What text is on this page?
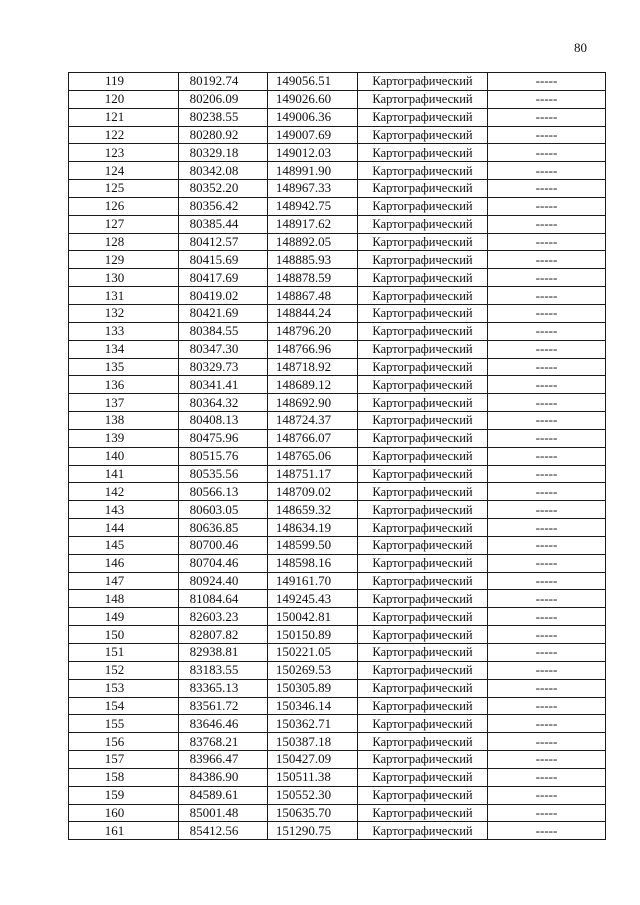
80
119	80192.74	149056.51	Картографический	-----
120	80206.09	149026.60	Картографический	-----
121	80238.55	149006.36	Картографический	-----
122	80280.92	149007.69	Картографический	-----
123	80329.18	149012.03	Картографический	-----
124	80342.08	148991.90	Картографический	-----
125	80352.20	148967.33	Картографический	-----
126	80356.42	148942.75	Картографический	-----
127	80385.44	148917.62	Картографический	-----
128	80412.57	148892.05	Картографический	-----
129	80415.69	148885.93	Картографический	-----
130	80417.69	148878.59	Картографический	-----
131	80419.02	148867.48	Картографический	-----
132	80421.69	148844.24	Картографический	-----
133	80384.55	148796.20	Картографический	-----
134	80347.30	148766.96	Картографический	-----
135	80329.73	148718.92	Картографический	-----
136	80341.41	148689.12	Картографический	-----
137	80364.32	148692.90	Картографический	-----
138	80408.13	148724.37	Картографический	-----
139	80475.96	148766.07	Картографический	-----
140	80515.76	148765.06	Картографический	-----
141	80535.56	148751.17	Картографический	-----
142	80566.13	148709.02	Картографический	-----
143	80603.05	148659.32	Картографический	-----
144	80636.85	148634.19	Картографический	-----
145	80700.46	148599.50	Картографический	-----
146	80704.46	148598.16	Картографический	-----
147	80924.40	149161.70	Картографический	-----
148	81084.64	149245.43	Картографический	-----
149	82603.23	150042.81	Картографический	-----
150	82807.82	150150.89	Картографический	-----
151	82938.81	150221.05	Картографический	-----
152	83183.55	150269.53	Картографический	-----
153	83365.13	150305.89	Картографический	-----
154	83561.72	150346.14	Картографический	-----
155	83646.46	150362.71	Картографический	-----
156	83768.21	150387.18	Картографический	-----
157	83966.47	150427.09	Картографический	-----
158	84386.90	150511.38	Картографический	-----
159	84589.61	150552.30	Картографический	-----
160	85001.48	150635.70	Картографический	-----
161	85412.56	151290.75	Картографический	-----
